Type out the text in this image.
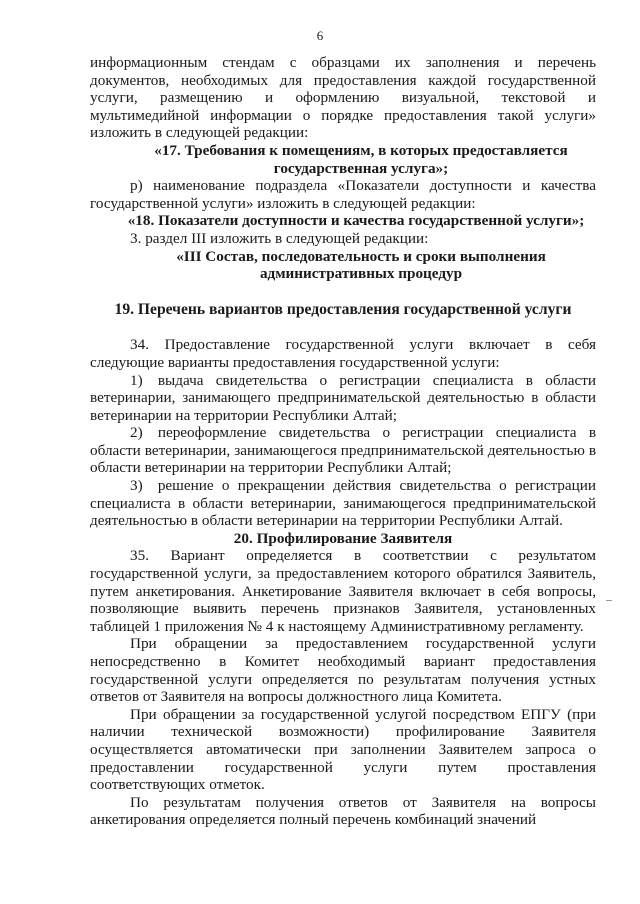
6

информационным стендам с образцами их заполнения и перечень документов, необходимых для предоставления каждой государственной услуги, размещению и оформлению визуальной, текстовой и мультимедийной информации о порядке предоставления такой услуги» изложить в следующей редакции:

«17. Требования к помещениям, в которых предоставляется государственная услуга»;

р) наименование подраздела «Показатели доступности и качества государственной услуги» изложить в следующей редакции:

«18. Показатели доступности и качества государственной услуги»;

3. раздел III изложить в следующей редакции:

«III Состав, последовательность и сроки выполнения административных процедур

19. Перечень вариантов предоставления государственной услуги

34. Предоставление государственной услуги включает в себя следующие варианты предоставления государственной услуги:

1) выдача свидетельства о регистрации специалиста в области ветеринарии, занимающего предпринимательской деятельностью в области ветеринарии на территории Республики Алтай;

2) переоформление свидетельства о регистрации специалиста в области ветеринарии, занимающегося предпринимательской деятельностью в области ветеринарии на территории Республики Алтай;

3) решение о прекращении действия свидетельства о регистрации специалиста в области ветеринарии, занимающегося предпринимательской деятельностью в области ветеринарии на территории Республики Алтай.

20. Профилирование Заявителя

35. Вариант определяется в соответствии с результатом государственной услуги, за предоставлением которого обратился Заявитель, путем анкетирования. Анкетирование Заявителя включает в себя вопросы, позволяющие выявить перечень признаков Заявителя, установленных таблицей 1 приложения № 4 к настоящему Административному регламенту.

При обращении за предоставлением государственной услуги непосредственно в Комитет необходимый вариант предоставления государственной услуги определяется по результатам получения устных ответов от Заявителя на вопросы должностного лица Комитета.

При обращении за государственной услугой посредством ЕПГУ (при наличии технической возможности) профилирование Заявителя осуществляется автоматически при заполнении Заявителем запроса о предоставлении государственной услуги путем проставления соответствующих отметок.

По результатам получения ответов от Заявителя на вопросы анкетирования определяется полный перечень комбинаций значений
